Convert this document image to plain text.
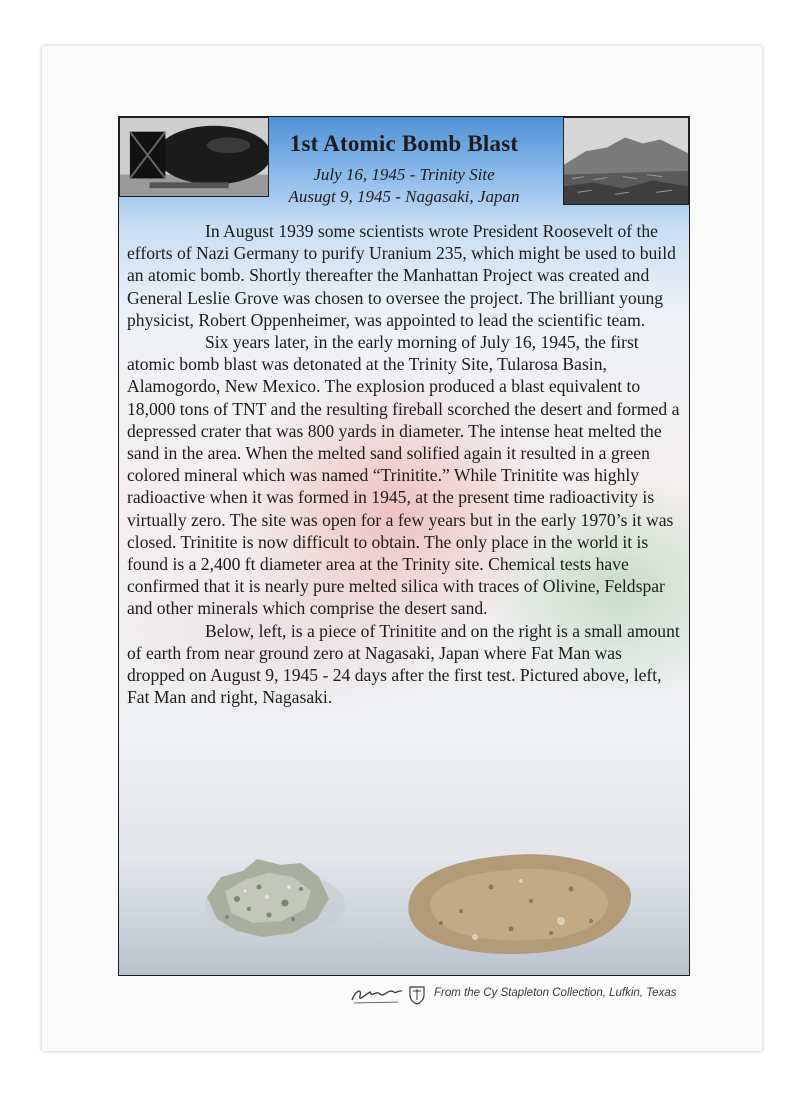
1st Atomic Bomb Blast
July 16, 1945 - Trinity Site
Ausugt 9, 1945 - Nagasaki, Japan

In August 1939 some scientists wrote President Roosevelt of the efforts of Nazi Germany to purify Uranium 235, which might be used to build an atomic bomb. Shortly thereafter the Manhattan Project was created and General Leslie Grove was chosen to oversee the project. The brilliant young physicist, Robert Oppenheimer, was appointed to lead the scientific team.

Six years later, in the early morning of July 16, 1945, the first atomic bomb blast was detonated at the Trinity Site, Tularosa Basin, Alamogordo, New Mexico. The explosion produced a blast equivalent to 18,000 tons of TNT and the resulting fireball scorched the desert and formed a depressed crater that was 800 yards in diameter. The intense heat melted the sand in the area. When the melted sand solified again it resulted in a green colored mineral which was named “Trinitite.” While Trinitite was highly radioactive when it was formed in 1945, at the present time radioactivity is virtually zero. The site was open for a few years but in the early 1970’s it was closed. Trinitite is now difficult to obtain. The only place in the world it is found is a 2,400 ft diameter area at the Trinity site. Chemical tests have confirmed that it is nearly pure melted silica with traces of Olivine, Feldspar and other minerals which comprise the desert sand.

Below, left, is a piece of Trinitite and on the right is a small amount of earth from near ground zero at Nagasaki, Japan where Fat Man was dropped on August 9, 1945 - 24 days after the first test. Pictured above, left, Fat Man and right, Nagasaki.

From the Cy Stapleton Collection, Lufkin, Texas
